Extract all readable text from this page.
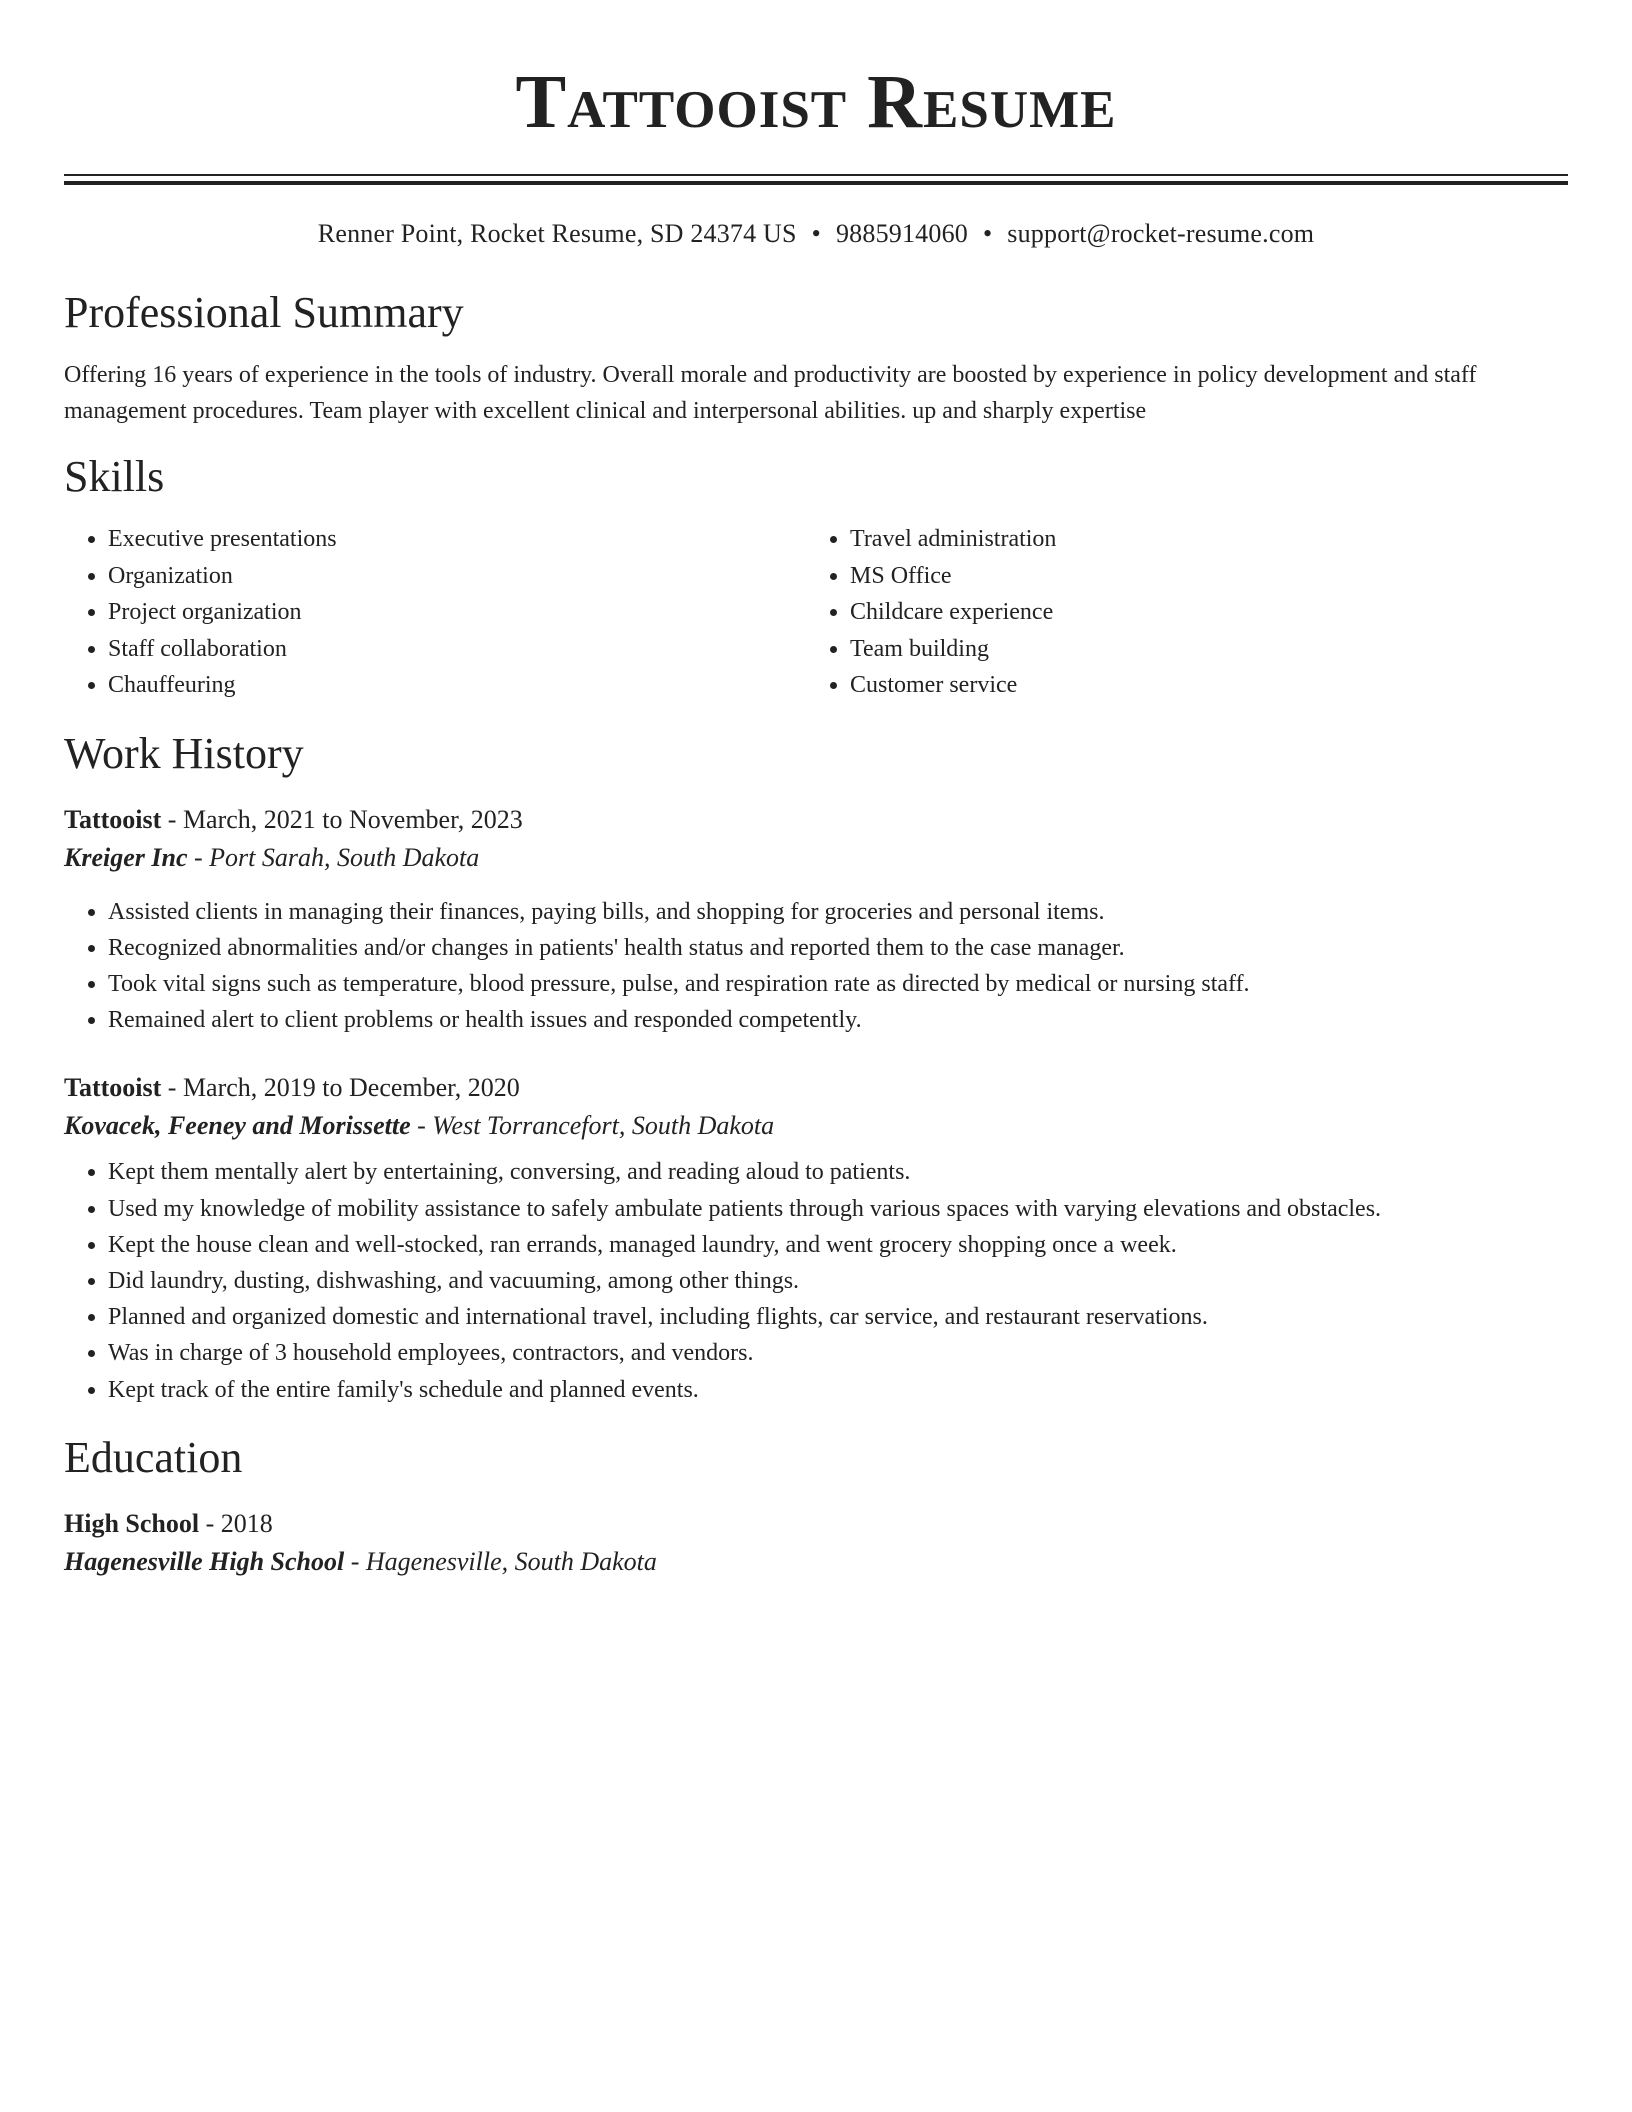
Tattooist Resume
Renner Point, Rocket Resume, SD 24374 US • 9885914060 • support@rocket-resume.com
Professional Summary
Offering 16 years of experience in the tools of industry. Overall morale and productivity are boosted by experience in policy development and staff management procedures. Team player with excellent clinical and interpersonal abilities. up and sharply expertise
Skills
• Executive presentations
• Organization
• Project organization
• Staff collaboration
• Chauffeuring
• Travel administration
• MS Office
• Childcare experience
• Team building
• Customer service
Work History
Tattooist - March, 2021 to November, 2023
Kreiger Inc - Port Sarah, South Dakota
• Assisted clients in managing their finances, paying bills, and shopping for groceries and personal items.
• Recognized abnormalities and/or changes in patients' health status and reported them to the case manager.
• Took vital signs such as temperature, blood pressure, pulse, and respiration rate as directed by medical or nursing staff.
• Remained alert to client problems or health issues and responded competently.
Tattooist - March, 2019 to December, 2020
Kovacek, Feeney and Morissette - West Torrancefort, South Dakota
• Kept them mentally alert by entertaining, conversing, and reading aloud to patients.
• Used my knowledge of mobility assistance to safely ambulate patients through various spaces with varying elevations and obstacles.
• Kept the house clean and well-stocked, ran errands, managed laundry, and went grocery shopping once a week.
• Did laundry, dusting, dishwashing, and vacuuming, among other things.
• Planned and organized domestic and international travel, including flights, car service, and restaurant reservations.
• Was in charge of 3 household employees, contractors, and vendors.
• Kept track of the entire family's schedule and planned events.
Education
High School - 2018
Hagenesville High School - Hagenesville, South Dakota
